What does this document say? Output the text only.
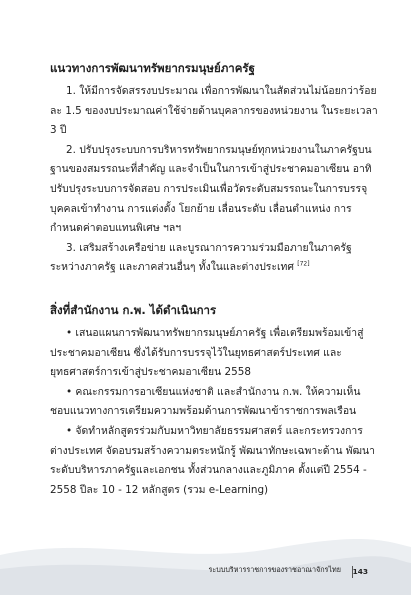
แนวทางการพัฒนาทรัพยากรมนุษย์ภาครัฐ

1. ให้มีการจัดสรรงบประมาณ เพื่อการพัฒนาในสัดส่วนไม่น้อยกว่าร้อยละ 1.5 ของงบประมาณค่าใช้จ่ายด้านบุคลากรของหน่วยงาน ในระยะเวลา 3 ปี

2. ปรับปรุงระบบการบริหารทรัพยากรมนุษย์ทุกหน่วยงานในภาครัฐบนฐานของสมรรถนะที่สำคัญ และจำเป็นในการเข้าสู่ประชาคมอาเซียน อาทิ ปรับปรุงระบบการจัดสอบ การประเมินเพื่อวัดระดับสมรรถนะในการบรรจุบุคคลเข้าทำงาน การแต่งตั้ง โยกย้าย เลื่อนระดับ เลื่อนตำแหน่ง การกำหนดค่าตอบแทนพิเศษ ฯลฯ

3. เสริมสร้างเครือข่าย และบูรณาการความร่วมมือภายในภาครัฐ ระหว่างภาครัฐ และภาคส่วนอื่นๆ ทั้งในและต่างประเทศ [72]

สิ่งที่สำนักงาน ก.พ. ได้ดำเนินการ

• เสนอแผนการพัฒนาทรัพยากรมนุษย์ภาครัฐ เพื่อเตรียมพร้อมเข้าสู่ประชาคมอาเซียน ซึ่งได้รับการบรรจุไว้ในยุทธศาสตร์ประเทศ และยุทธศาสตร์การเข้าสู่ประชาคมอาเซียน 2558

• คณะกรรมการอาเซียนแห่งชาติ และสำนักงาน ก.พ. ให้ความเห็นชอบแนวทางการเตรียมความพร้อมด้านการพัฒนาข้าราชการพลเรือน

• จัดทำหลักสูตรร่วมกับมหาวิทยาลัยธรรมศาสตร์ และกระทรวงการต่างประเทศ จัดอบรมสร้างความตระหนักรู้ พัฒนาทักษะเฉพาะด้าน พัฒนาระดับบริหารภาครัฐและเอกชน ทั้งส่วนกลางและภูมิภาค ตั้งแต่ปี 2554 - 2558 ปีละ 10 - 12 หลักสูตร (รวม e-Learning)

ระบบบริหารราชการของราชอาณาจักรไทย 143
